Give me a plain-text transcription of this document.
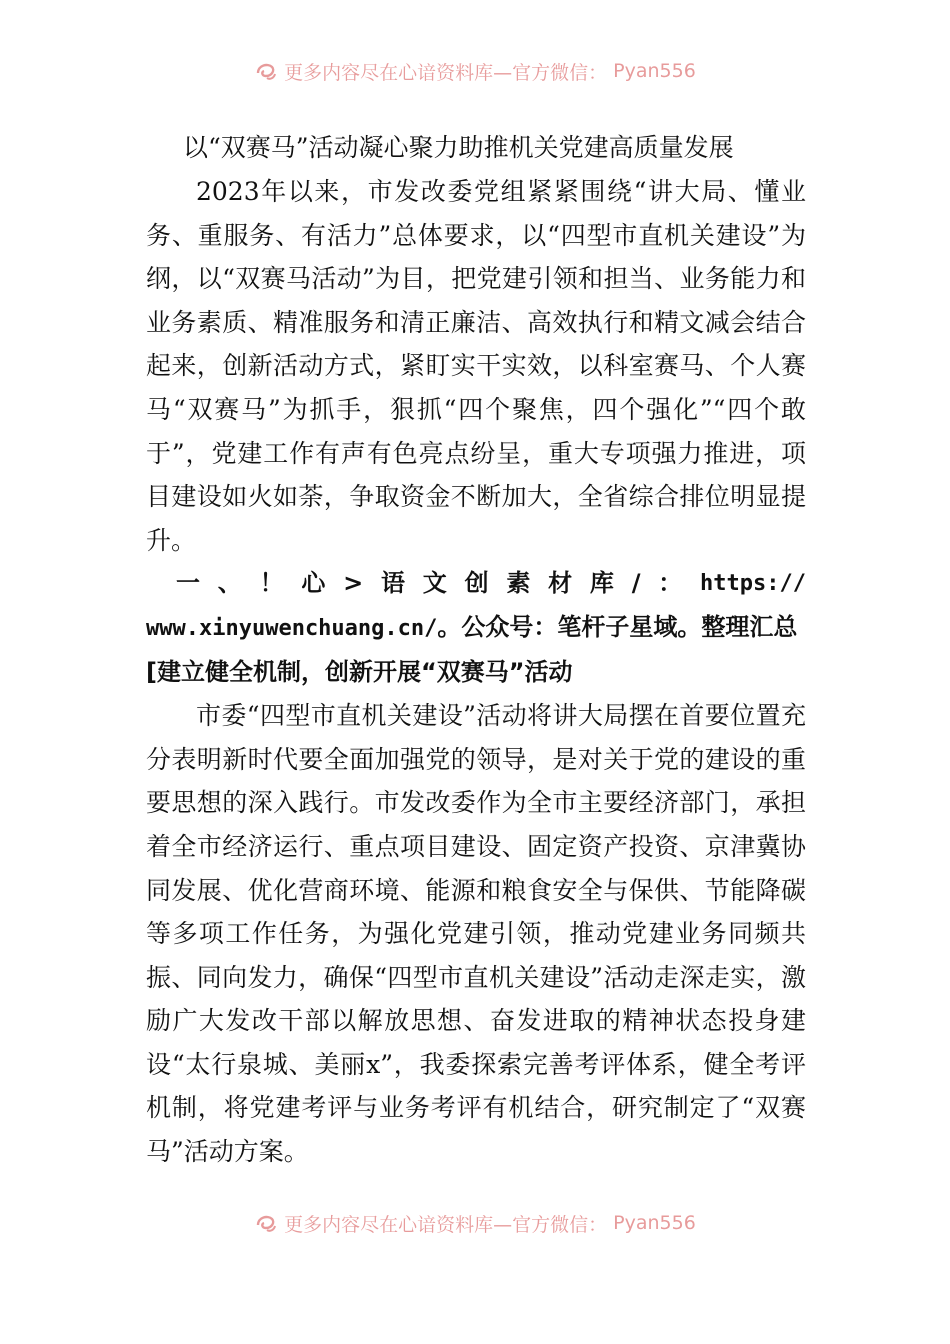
更多内容尽在心谙资料库—官方微信： Pyan556
以“双赛马”活动凝心聚力助推机关党建高质量发展

2023年以来，市发改委党组紧紧围绕“讲大局、懂业务、重服务、有活力”总体要求，以“四型市直机关建设”为纲，以“双赛马活动”为目，把党建引领和担当、业务能力和业务素质、精准服务和清正廉洁、高效执行和精文减会结合起来，创新活动方式，紧盯实干实效，以科室赛马、个人赛马“双赛马”为抓手，狠抓“四个聚焦，四个强化”“四个敢于”，党建工作有声有色亮点纷呈，重大专项强力推进，项目建设如火如荼，争取资金不断加大，全省综合排位明显提升。

一 、 ！ 心 > 语 文 创 素 材 库 / ： https://
www.xinyuwenchuang.cn/。公众号：笔杆子星域。整理汇总
[建立健全机制，创新开展“双赛马”活动

市委“四型市直机关建设”活动将讲大局摆在首要位置充分表明新时代要全面加强党的领导，是对关于党的建设的重要思想的深入践行。市发改委作为全市主要经济部门，承担着全市经济运行、重点项目建设、固定资产投资、京津冀协同发展、优化营商环境、能源和粮食安全与保供、节能降碳等多项工作任务，为强化党建引领，推动党建业务同频共振、同向发力，确保“四型市直机关建设”活动走深走实，激励广大发改干部以解放思想、奋发进取的精神状态投身建设“太行泉城、美丽x”，我委探索完善考评体系，健全考评机制，将党建考评与业务考评有机结合，研究制定了“双赛马”活动方案。

更多内容尽在心谙资料库—官方微信： Pyan556
